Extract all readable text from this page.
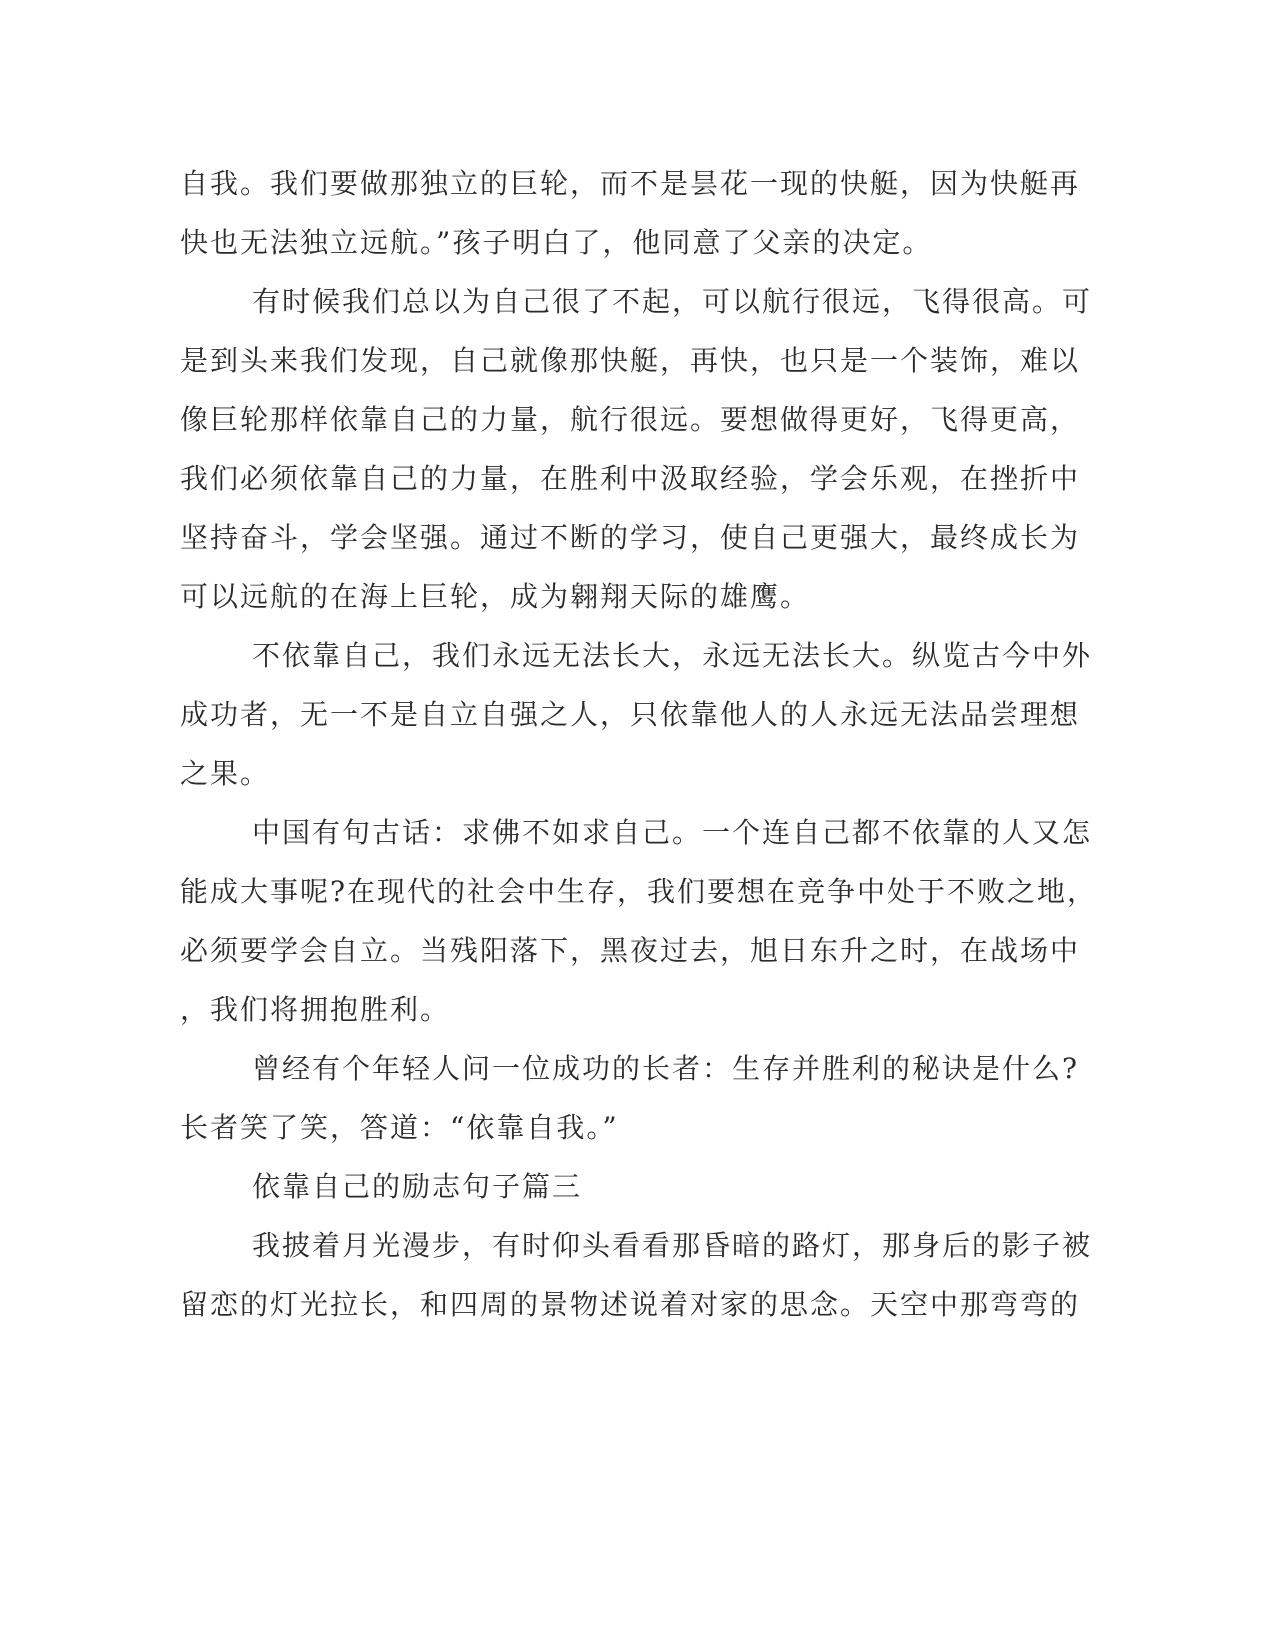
自我。我们要做那独立的巨轮，而不是昙花一现的快艇，因为快艇再
快也无法独立远航。”孩子明白了，他同意了父亲的决定。
有时候我们总以为自己很了不起，可以航行很远，飞得很高。可
是到头来我们发现，自己就像那快艇，再快，也只是一个装饰，难以
像巨轮那样依靠自己的力量，航行很远。要想做得更好，飞得更高，
我们必须依靠自己的力量，在胜利中汲取经验，学会乐观，在挫折中
坚持奋斗，学会坚强。通过不断的学习，使自己更强大，最终成长为
可以远航的在海上巨轮，成为翱翔天际的雄鹰。
不依靠自己，我们永远无法长大，永远无法长大。纵览古今中外
成功者，无一不是自立自强之人，只依靠他人的人永远无法品尝理想
之果。
中国有句古话：求佛不如求自己。一个连自己都不依靠的人又怎
能成大事呢?在现代的社会中生存，我们要想在竞争中处于不败之地，
必须要学会自立。当残阳落下，黑夜过去，旭日东升之时，在战场中
，我们将拥抱胜利。
曾经有个年轻人问一位成功的长者：生存并胜利的秘诀是什么?
长者笑了笑，答道：“依靠自我。”
依靠自己的励志句子篇三
我披着月光漫步，有时仰头看看那昏暗的路灯，那身后的影子被
留恋的灯光拉长，和四周的景物述说着对家的思念。天空中那弯弯的
